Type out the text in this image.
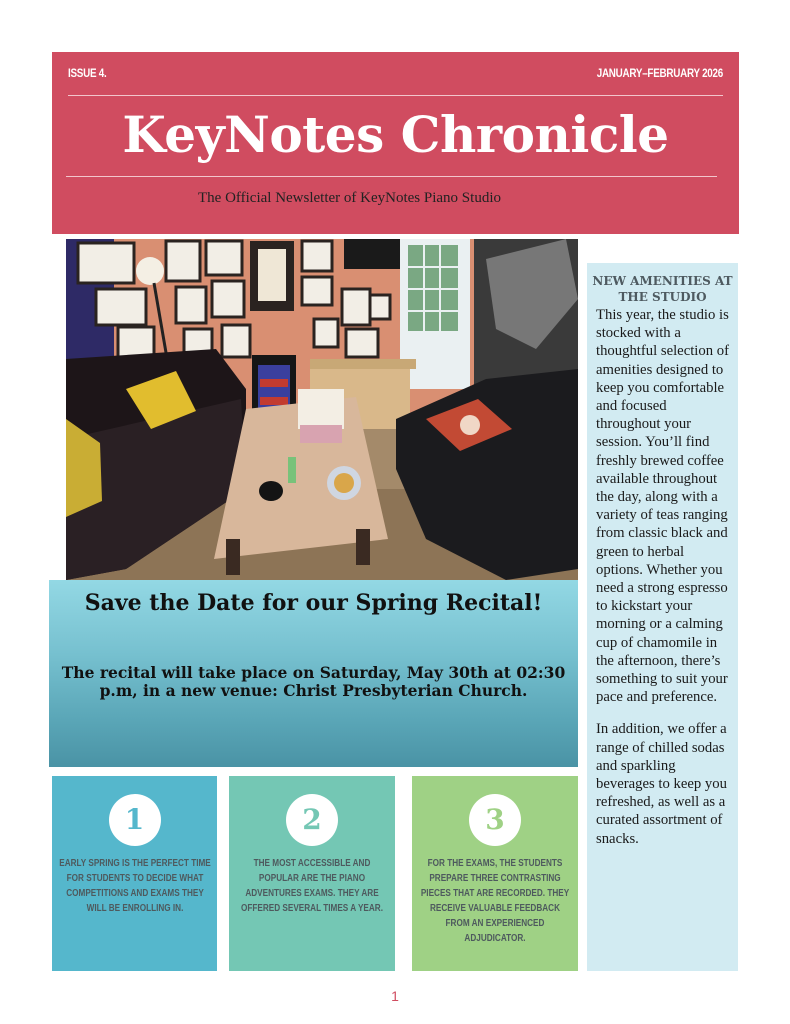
ISSUE 4.	JANUARY–FEBRUARY 2026
KeyNotes Chronicle
The Official Newsletter of KeyNotes Piano Studio
Save the Date for our Spring Recital!
The recital will take place on Saturday, May 30th at 02:30 p.m, in a new venue: Christ Presbyterian Church.
1
EARLY SPRING IS THE PERFECT TIME FOR STUDENTS TO DECIDE WHAT COMPETITIONS AND EXAMS THEY WILL BE ENROLLING IN.
2
THE MOST ACCESSIBLE AND POPULAR ARE THE PIANO ADVENTURES EXAMS. THEY ARE OFFERED SEVERAL TIMES A YEAR.
3
FOR THE EXAMS, THE STUDENTS PREPARE THREE CONTRASTING PIECES THAT ARE RECORDED. THEY RECEIVE VALUABLE FEEDBACK FROM AN EXPERIENCED ADJUDICATOR.
NEW AMENITIES AT THE STUDIO

This year, the studio is stocked with a thoughtful selection of amenities designed to keep you comfortable and focused throughout your session. You’ll find freshly brewed coffee available throughout the day, along with a variety of teas ranging from classic black and green to herbal options. Whether you need a strong espresso to kickstart your morning or a calming cup of chamomile in the afternoon, there’s something to suit your pace and preference.

In addition, we offer a range of chilled sodas and sparkling beverages to keep you refreshed, as well as a curated assortment of snacks.

1
